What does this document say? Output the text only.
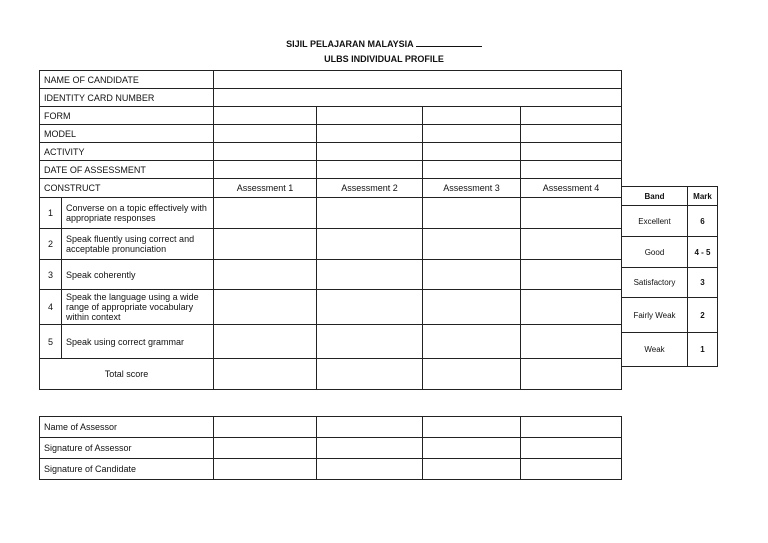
SIJIL PELAJARAN MALAYSIA
ULBS INDIVIDUAL PROFILE
NAME OF CANDIDATE					
IDENTITY CARD NUMBER					
FORM					
MODEL					
ACTIVITY					
DATE OF ASSESSMENT					
CONSTRUCT		Assessment 1	Assessment 2	Assessment 3	Assessment 4
1	Converse on a topic effectively with appropriate responses				
2	Speak fluently using correct and acceptable pronunciation				
3	Speak coherently				
4	Speak the language using a wide range of appropriate vocabulary within context				
5	Speak using correct grammar				
Total score					
Band	Mark
Excellent	6
Good	4 - 5
Satisfactory	3
Fairly Weak	2
Weak	1
Name of Assessor				
Signature of Assessor				
Signature of Candidate				
